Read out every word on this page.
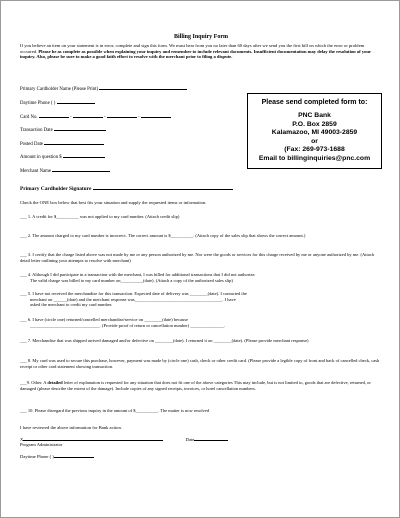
Billing Inquiry Form
If you believe an item on your statement is in error, complete and sign this form. We must hear from you no later than 60 days after we send you the first bill on which the error or problem occurred. Please be as complete as possible when explaining your inquiry and remember to include relevant documents. Insufficient documentation may delay the resolution of your inquiry. Also, please be sure to make a good faith effort to resolve with the merchant prior to filing a dispute.
Primary Cardholder Name (Please Print)
Daytime Phone ( )
Card No.	-	-	-
Transaction Date
Posted Date
Amount in question $
Merchant Name
Please send completed form to:
PNC Bank
P.O. Box 2859
Kalamazoo, MI 49003-2859
or
(Fax: 269-973-1688
Email to billinginquiries@pnc.com
Primary Cardholder Signature
Check the ONE box below that best fits your situation and supply the requested items or information.
___ 1. A credit for $__________ was not applied to my card number. (Attach credit slip)
___ 2. The amount charged to my card number is incorrect. The correct amount is $__________. (Attach copy of the sales slip that shows the correct amount.)
___ 3. I certify that the charge listed above was not made by me or any person authorized by me. Nor were the goods or services for this charge received by me or anyone authorized by me. (Attach detail letter outlining your attempts to resolve with merchant)
___ 4. Although I did participate in a transaction with the merchant, I was billed for additional transactions that I did not authorize.
The valid charge was billed to my card number on__________(date). (Attach a copy of the authorized sales slip)
___ 5. I have not received the merchandise for this transaction. Expected date of delivery was ________(date). I contacted the
merchant on ______(date) and the merchant response was_______________________________________. I have
asked the merchant to credit my card number.
___ 6. I have (circle one) returned/cancelled merchandise/service on ________(date) because
_______________________________. (Provide proof of return or cancellation number) _______________.
___ 7. Merchandise that was shipped arrived damaged and/or defective on ________(date). I returned it on ________(date). (Please provide merchant response)
___ 8. My card was used to secure this purchase, however, payment was made by (circle one) cash, check or other credit card. (Please provide a legible copy of front and back of cancelled check, cash receipt or other card statement showing transaction.
___9. Other. A detailed letter of explanation is requested for any situation that does not fit one of the above categories This may include, but is not limited to, goods that are defective, returned, or damaged (please describe the extent of the damage). Include copies of any signed receipts, invoices, or hotel cancellation numbers.
___ 10. Please disregard the previous inquiry in the amount of $__________. The matter is now resolved
I have reviewed the above information for Bank action.
X	Date
Program Administrator
Daytime Phone ( )
